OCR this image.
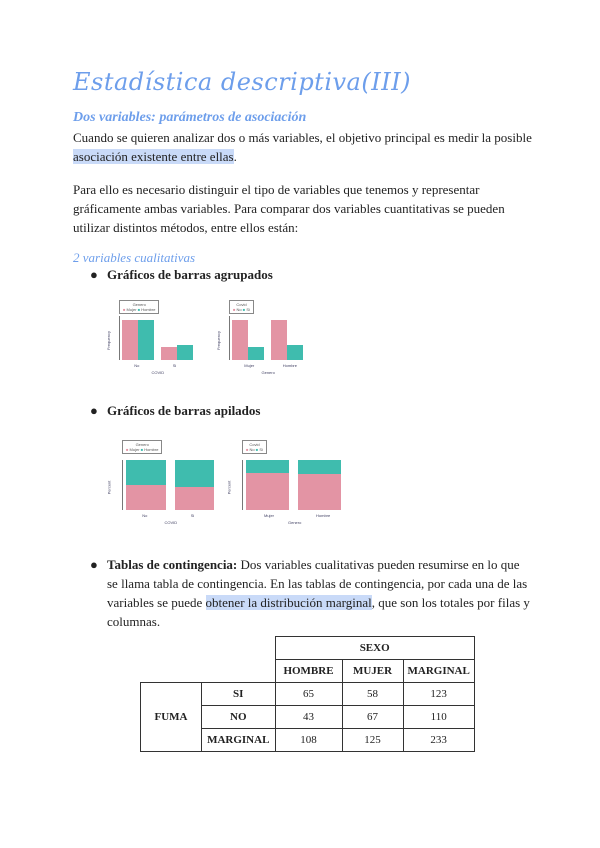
Estadística descriptiva(III)
Dos variables: parámetros de asociación
Cuando se quieren analizar dos o más variables, el objetivo principal es medir la posible asociación existente entre ellas.
Para ello es necesario distinguir el tipo de variables que tenemos y representar gráficamente ambas variables. Para comparar dos variables cuantitativas se pueden utilizar distintos métodos, entre ellos están:
2 variables cualitativas
● Gráficos de barras agrupados
Genero
■ Mujer ■ Hombre
No	Si
COVID
Frequency
Covid
■ No ■ Si
Mujer	Hombre
Genero
Frequency
Genero
■ Mujer ■ Hombre
No	Si
COVID
Percent
Covid
■ No ■ Si
Mujer	Hombre
Genero
Percent
● Gráficos de barras apilados
● Tablas de contingencia: Dos variables cualitativas pueden resumirse en lo que se llama tabla de contingencia. En las tablas de contingencia, por cada una de las variables se puede obtener la distribución marginal, que son los totales por filas y columnas.
		SEXO		
		HOMBRE	MUJER	MARGINAL
FUMA	SI	65	58	123
	NO	43	67	110
	MARGINAL	108	125	233
